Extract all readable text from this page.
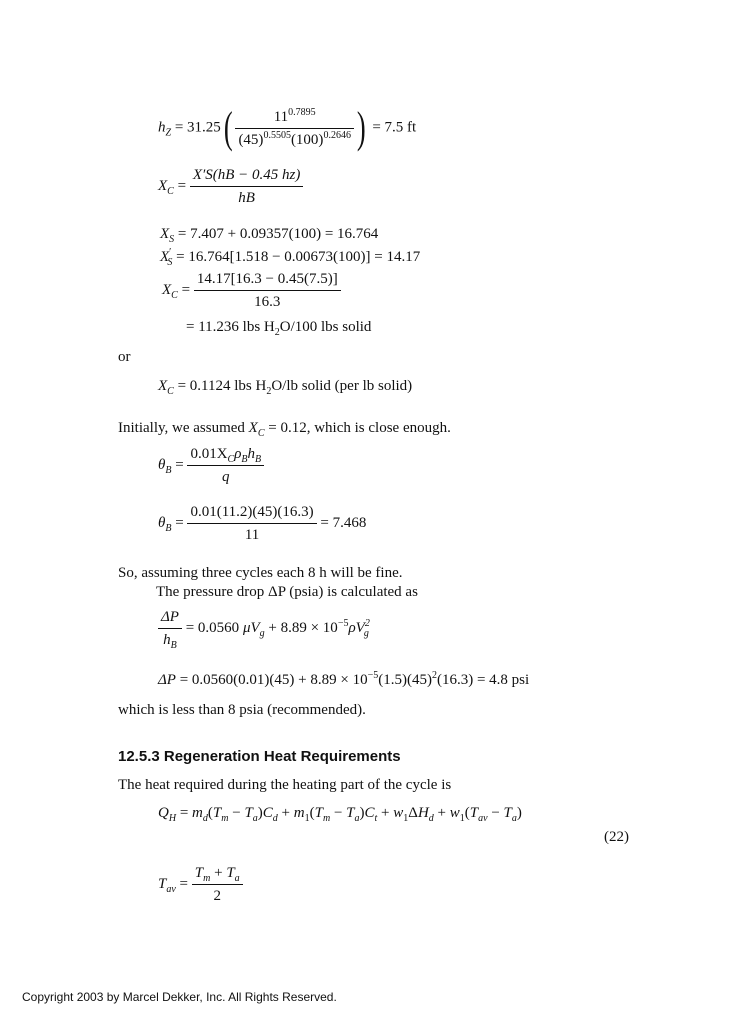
$h_Z = 31.25( \frac{11^{0.7895}}{(45)^{0.5505}(100)^{0.2646}}$ ) = 7.5 ft
$X_C = \frac{X'S(hB - 0.45 hz)}{hB}$
$X_S = 7.407 + 0.09357(100) = 16.764$
$X'_S = 16.764[1.518 - 0.00673(100)] = 14.17$
$X_C = \frac{14.17[16.3 - 0.45(7.5)]}{16.3}$
= 11.236 lbs $H_2O/100$ lbs solid
or
$X_C = 0.1124$ lbs $H_2O/lb$ solid (per lb solid)
Initially, we assumed $X_C = 0.12$, which is close enough.
$\theta_B = \frac{0.01X_C\rho_Bh_B}{q}$
$\theta_B = \frac{0.01(11.2)(45)(16.3)}{11} = 7.468$
So, assuming three cycles each 8 h will be fine.
The pressure drop ΔP (psia) is calculated as
$\frac{\Delta P}{h_B} = 0.0560$ $\mu V_g + 8.89 \times 10^{-5}\rho V^2_g$
$\Delta P = 0.0560(0.01)(45) + 8.89 \times 10^{-5}(1.5)(45)^2(16.3) = 4.8$ psi
which is less than 8 psia (recommended).
12.5.3 Regeneration Heat Requirements
The heat required during the heating part of the cycle is
$Q_H = m_d(T_m - T_a)C_d + m_1(T_m - T_a)C_t + w_1\Delta H_d + w_1(T_{av} - T_a)$
(22)
$T_{av} = \frac{T_m + T_a}{2}$
Copyright 2003 by Marcel Dekker, Inc. All Rights Reserved.
